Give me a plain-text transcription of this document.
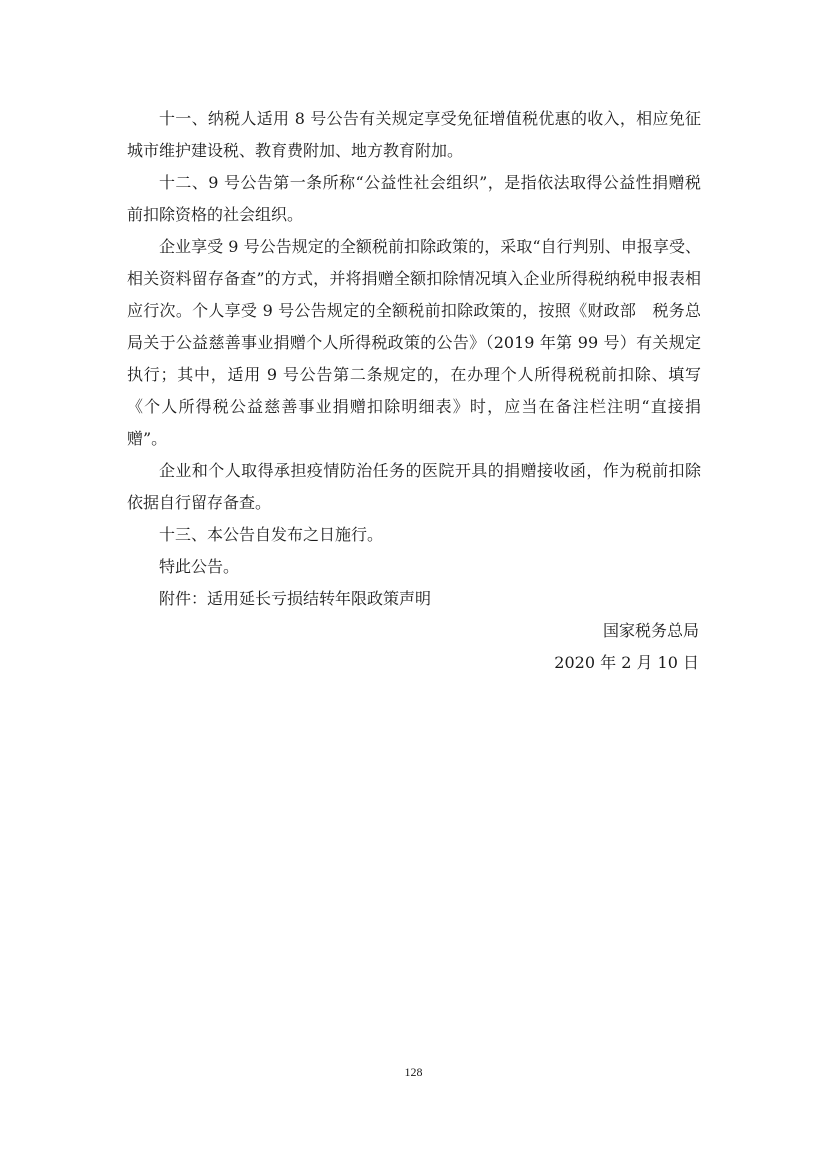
十一、纳税人适用 8 号公告有关规定享受免征增值税优惠的收入，相应免征城市维护建设税、教育费附加、地方教育附加。

十二、9 号公告第一条所称“公益性社会组织”，是指依法取得公益性捐赠税前扣除资格的社会组织。

企业享受 9 号公告规定的全额税前扣除政策的，采取“自行判别、申报享受、相关资料留存备查”的方式，并将捐赠全额扣除情况填入企业所得税纳税申报表相应行次。个人享受 9 号公告规定的全额税前扣除政策的，按照《财政部　税务总局关于公益慈善事业捐赠个人所得税政策的公告》（2019 年第 99 号）有关规定执行；其中，适用 9 号公告第二条规定的，在办理个人所得税税前扣除、填写《个人所得税公益慈善事业捐赠扣除明细表》时，应当在备注栏注明“直接捐赠”。

企业和个人取得承担疫情防治任务的医院开具的捐赠接收函，作为税前扣除依据自行留存备查。

十三、本公告自发布之日施行。

特此公告。

附件：适用延长亏损结转年限政策声明

国家税务总局

2020 年 2 月 10 日

128
